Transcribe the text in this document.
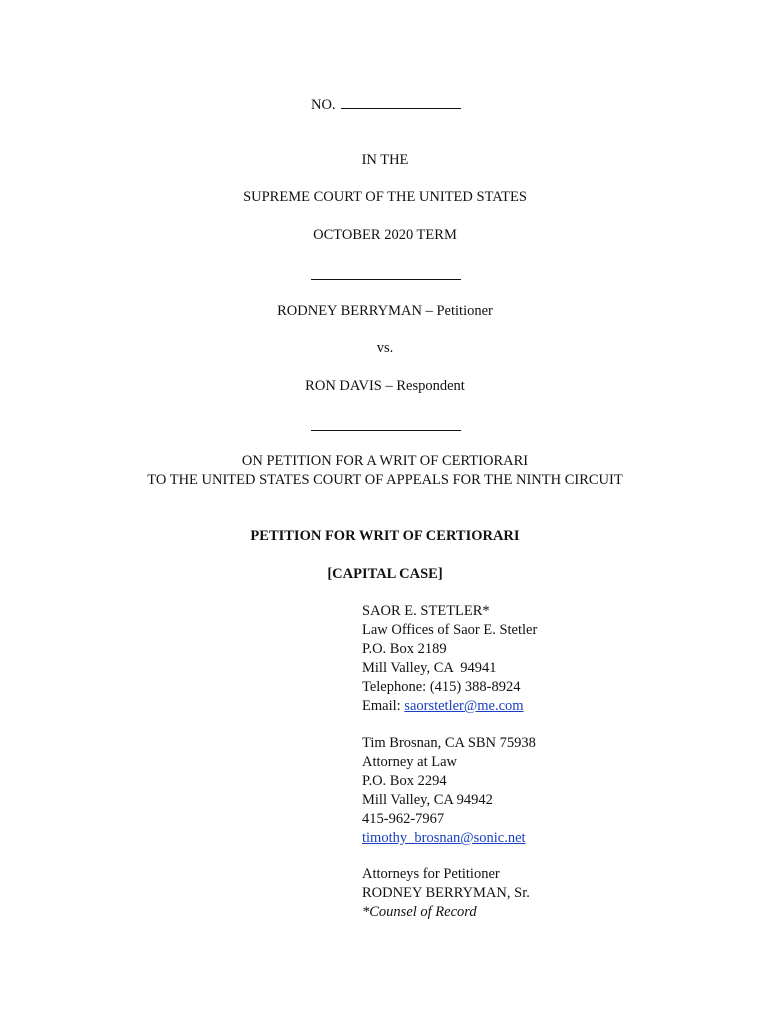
NO.
IN THE
SUPREME COURT OF THE UNITED STATES
OCTOBER 2020 TERM
RODNEY BERRYMAN – Petitioner
vs.
RON DAVIS – Respondent
ON PETITION FOR A WRIT OF CERTIORARI
TO THE UNITED STATES COURT OF APPEALS FOR THE NINTH CIRCUIT
PETITION FOR WRIT OF CERTIORARI
[CAPITAL CASE]
SAOR E. STETLER*
Law Offices of Saor E. Stetler
P.O. Box 2189
Mill Valley, CA  94941
Telephone: (415) 388-8924
Email: saorstetler@me.com
Tim Brosnan, CA SBN 75938
Attorney at Law
P.O. Box 2294
Mill Valley, CA 94942
415-962-7967
timothy_brosnan@sonic.net
Attorneys for Petitioner
RODNEY BERRYMAN, Sr.
*Counsel of Record
